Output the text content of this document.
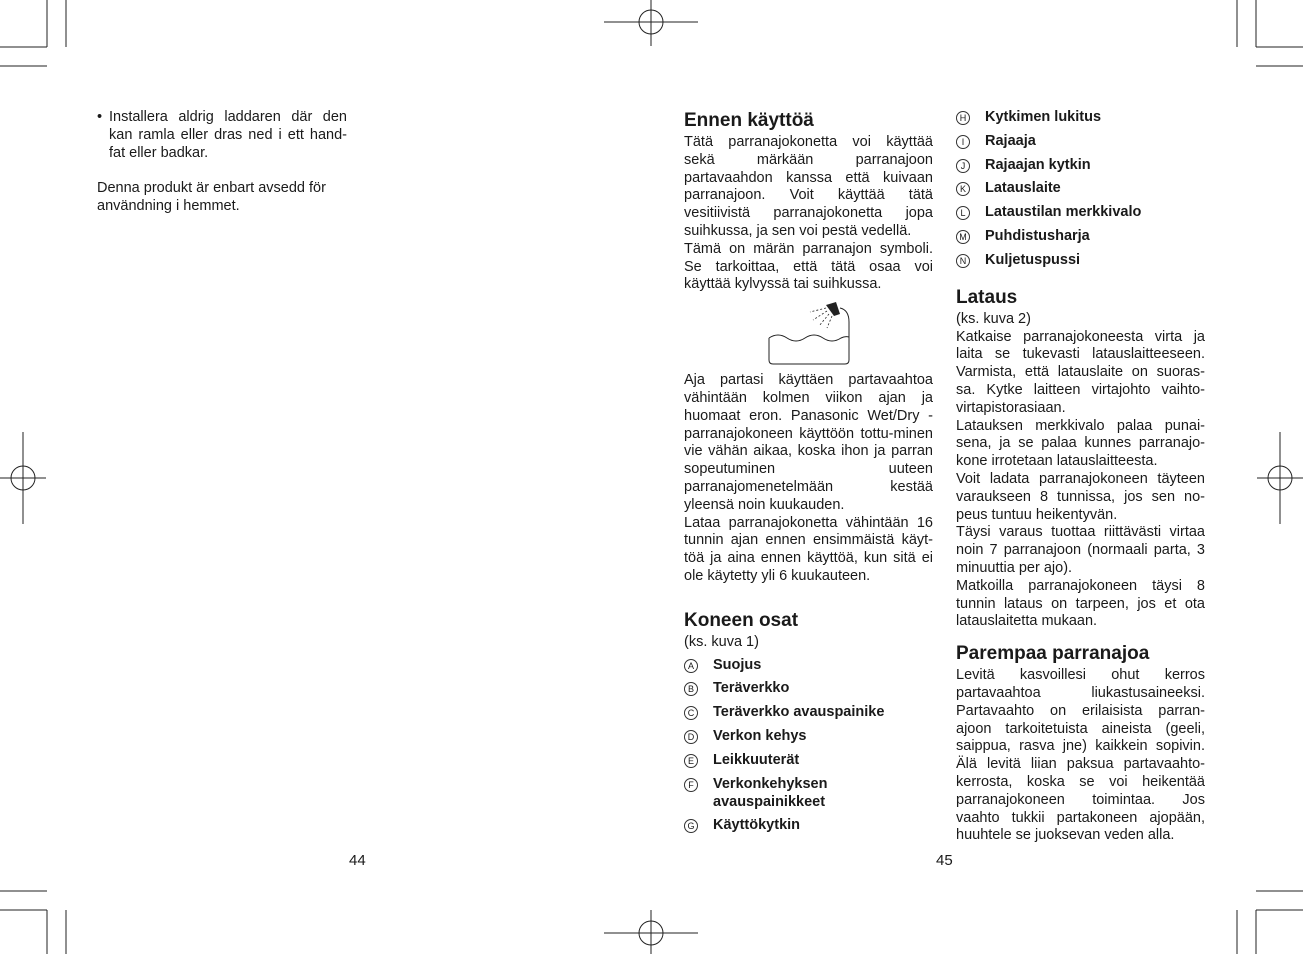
• Installera aldrig laddaren där den kan ramla eller dras ned i ett hand-fat eller badkar.

Denna produkt är enbart avsedd för användning i hemmet.

44
Ennen käyttöä

Tätä parranajokonetta voi käyttää sekä märkään parranajoon partavaahdon kanssa että kuivaan parranajoon. Voit käyttää tätä vesitiivistä parranajokonetta jopa suihkussa, ja sen voi pestä vedellä.

Tämä on märän parranajon symboli. Se tarkoittaa, että tätä osaa voi käyttää kylvyssä tai suihkussa.

Aja partasi käyttäen partavaahtoa vähintään kolmen viikon ajan ja huomaat eron. Panasonic Wet/Dry -parranajokoneen käyttöön tottu-minen vie vähän aikaa, koska ihon ja parran sopeutuminen uuteen parranajomenetelmään kestää yleensä noin kuukauden.

Lataa parranajokonetta vähintään 16 tunnin ajan ennen ensimmäistä käyt-töä ja aina ennen käyttöä, kun sitä ei ole käytetty yli 6 kuukauteen.

Koneen osat

(ks. kuva 1)

A	Suojus
B	Teräverkko
C	Teräverkko avauspainike
D	Verkon kehys
E	Leikkuuterät
F	Verkonkehyksen avauspainikkeet
G	Käyttökytkin
45
H	Kytkimen lukitus
I	Rajaaja
J	Rajaajan kytkin
K	Latauslaite
L	Lataustilan merkkivalo
M	Puhdistusharja
N	Kuljetuspussi
Lataus

(ks. kuva 2)

Katkaise parranajokoneesta virta ja laita se tukevasti latauslaitteeseen. Varmista, että latauslaite on suoras-sa. Kytke laitteen virtajohto vaihto-virtapistorasiaan.

Latauksen merkkivalo palaa punai-sena, ja se palaa kunnes parranajo-kone irrotetaan latauslaitteesta.

Voit ladata parranajokoneen täyteen varaukseen 8 tunnissa, jos sen no-peus tuntuu heikentyvän.

Täysi varaus tuottaa riittävästi virtaa noin 7 parranajoon (normaali parta, 3 minuuttia per ajo).

Matkoilla parranajokoneen täysi 8 tunnin lataus on tarpeen, jos et ota latauslaitetta mukaan.

Parempaa parranajoa

Levitä kasvoillesi ohut kerros partavaahtoa liukastusaineeksi. Partavaahto on erilaisista parran-ajoon tarkoitetuista aineista (geeli, saippua, rasva jne) kaikkein sopivin. Älä levitä liian paksua partavaahto-kerrosta, koska se voi heikentää parranajokoneen toimintaa. Jos vaahto tukkii partakoneen ajopään, huuhtele se juoksevan veden alla.
